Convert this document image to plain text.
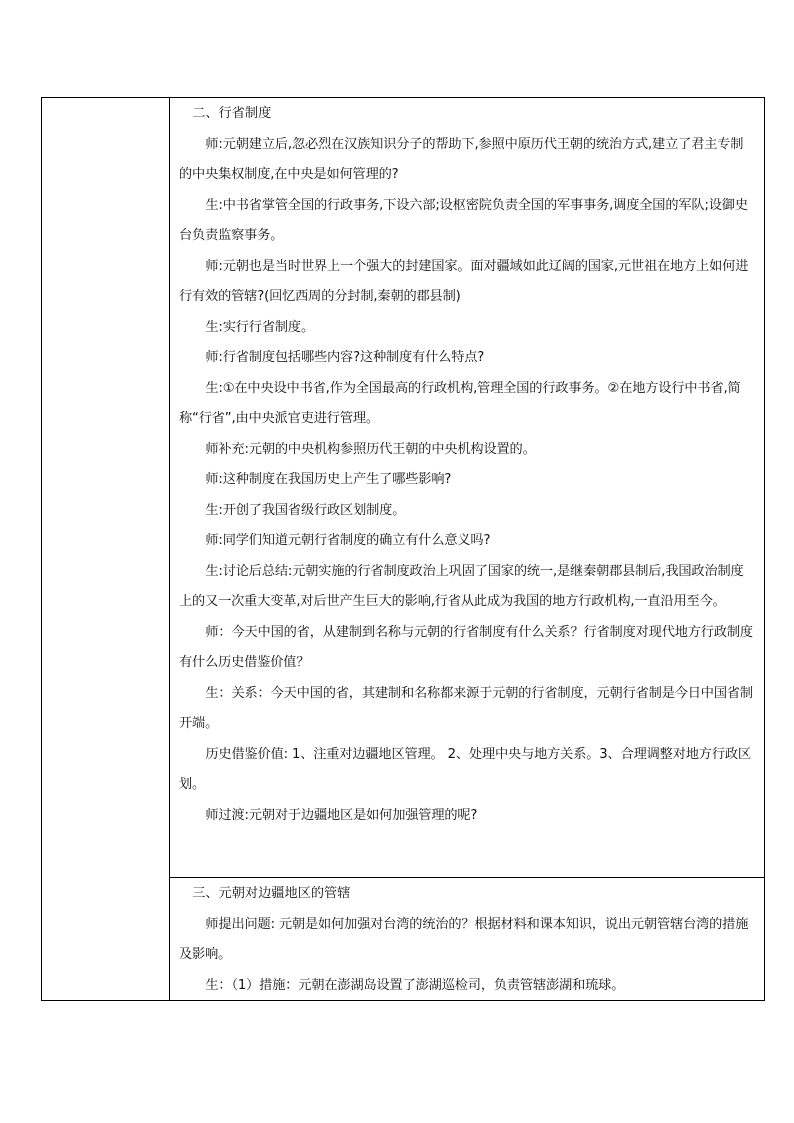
二、行省制度
师:元朝建立后,忽必烈在汉族知识分子的帮助下,参照中原历代王朝的统治方式,建立了君主专制的中央集权制度,在中央是如何管理的?
生:中书省掌管全国的行政事务,下设六部;设枢密院负责全国的军事事务,调度全国的军队;设御史台负责监察事务。
师:元朝也是当时世界上一个强大的封建国家。面对疆域如此辽阔的国家,元世祖在地方上如何进行有效的管辖?(回忆西周的分封制,秦朝的郡县制)
生:实行行省制度。
师:行省制度包括哪些内容?这种制度有什么特点?
生:①在中央设中书省,作为全国最高的行政机构,管理全国的行政事务。②在地方设行中书省,简称“行省”,由中央派官吏进行管理。
师补充:元朝的中央机构参照历代王朝的中央机构设置的。
师:这种制度在我国历史上产生了哪些影响?
生:开创了我国省级行政区划制度。
师:同学们知道元朝行省制度的确立有什么意义吗?
生:讨论后总结:元朝实施的行省制度政治上巩固了国家的统一,是继秦朝郡县制后,我国政治制度上的又一次重大变革,对后世产生巨大的影响,行省从此成为我国的地方行政机构,一直沿用至今。
师：今天中国的省，从建制到名称与元朝的行省制度有什么关系？行省制度对现代地方行政制度有什么历史借鉴价值？
生：关系：今天中国的省，其建制和名称都来源于元朝的行省制度，元朝行省制是今日中国省制开端。
历史借鉴价值: 1、注重对边疆地区管理。 2、处理中央与地方关系。3、合理调整对地方行政区划。
师过渡:元朝对于边疆地区是如何加强管理的呢?
三、元朝对边疆地区的管辖
师提出问题: 元朝是如何加强对台湾的统治的？根据材料和课本知识，说出元朝管辖台湾的措施及影响。
生：（1）措施：元朝在澎湖岛设置了澎湖巡检司，负责管辖澎湖和琉球。
